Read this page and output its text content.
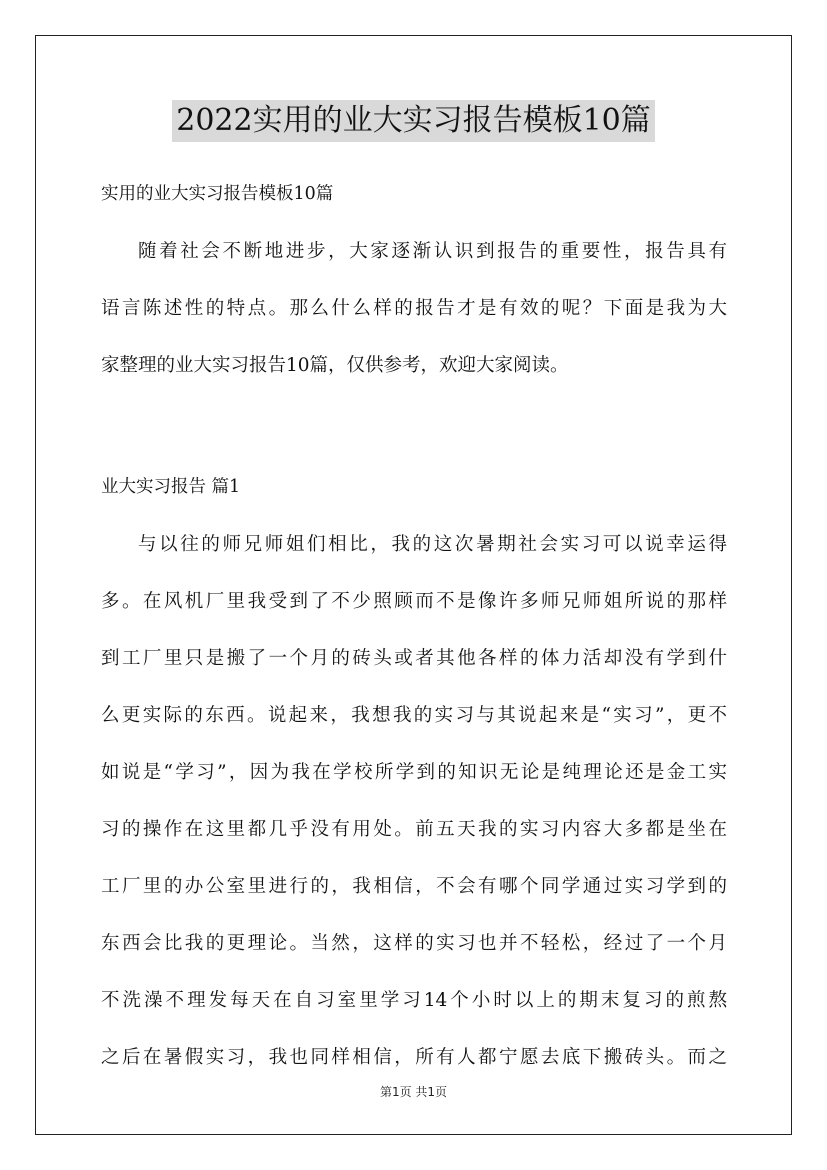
2022实用的业大实习报告模板10篇
实用的业大实习报告模板10篇
随着社会不断地进步，大家逐渐认识到报告的重要性，报告具有
语言陈述性的特点。那么什么样的报告才是有效的呢？下面是我为大
家整理的业大实习报告10篇，仅供参考，欢迎大家阅读。
业大实习报告 篇1
与以往的师兄师姐们相比，我的这次暑期社会实习可以说幸运得
多。在风机厂里我受到了不少照顾而不是像许多师兄师姐所说的那样
到工厂里只是搬了一个月的砖头或者其他各样的体力活却没有学到什
么更实际的东西。说起来，我想我的实习与其说起来是“实习”，更不
如说是“学习”，因为我在学校所学到的知识无论是纯理论还是金工实
习的操作在这里都几乎没有用处。前五天我的实习内容大多都是坐在
工厂里的办公室里进行的，我相信，不会有哪个同学通过实习学到的
东西会比我的更理论。当然，这样的实习也并不轻松，经过了一个月
不洗澡不理发每天在自习室里学习14个小时以上的期末复习的煎熬
之后在暑假实习，我也同样相信，所有人都宁愿去底下搬砖头。而之
第1页 共1页
